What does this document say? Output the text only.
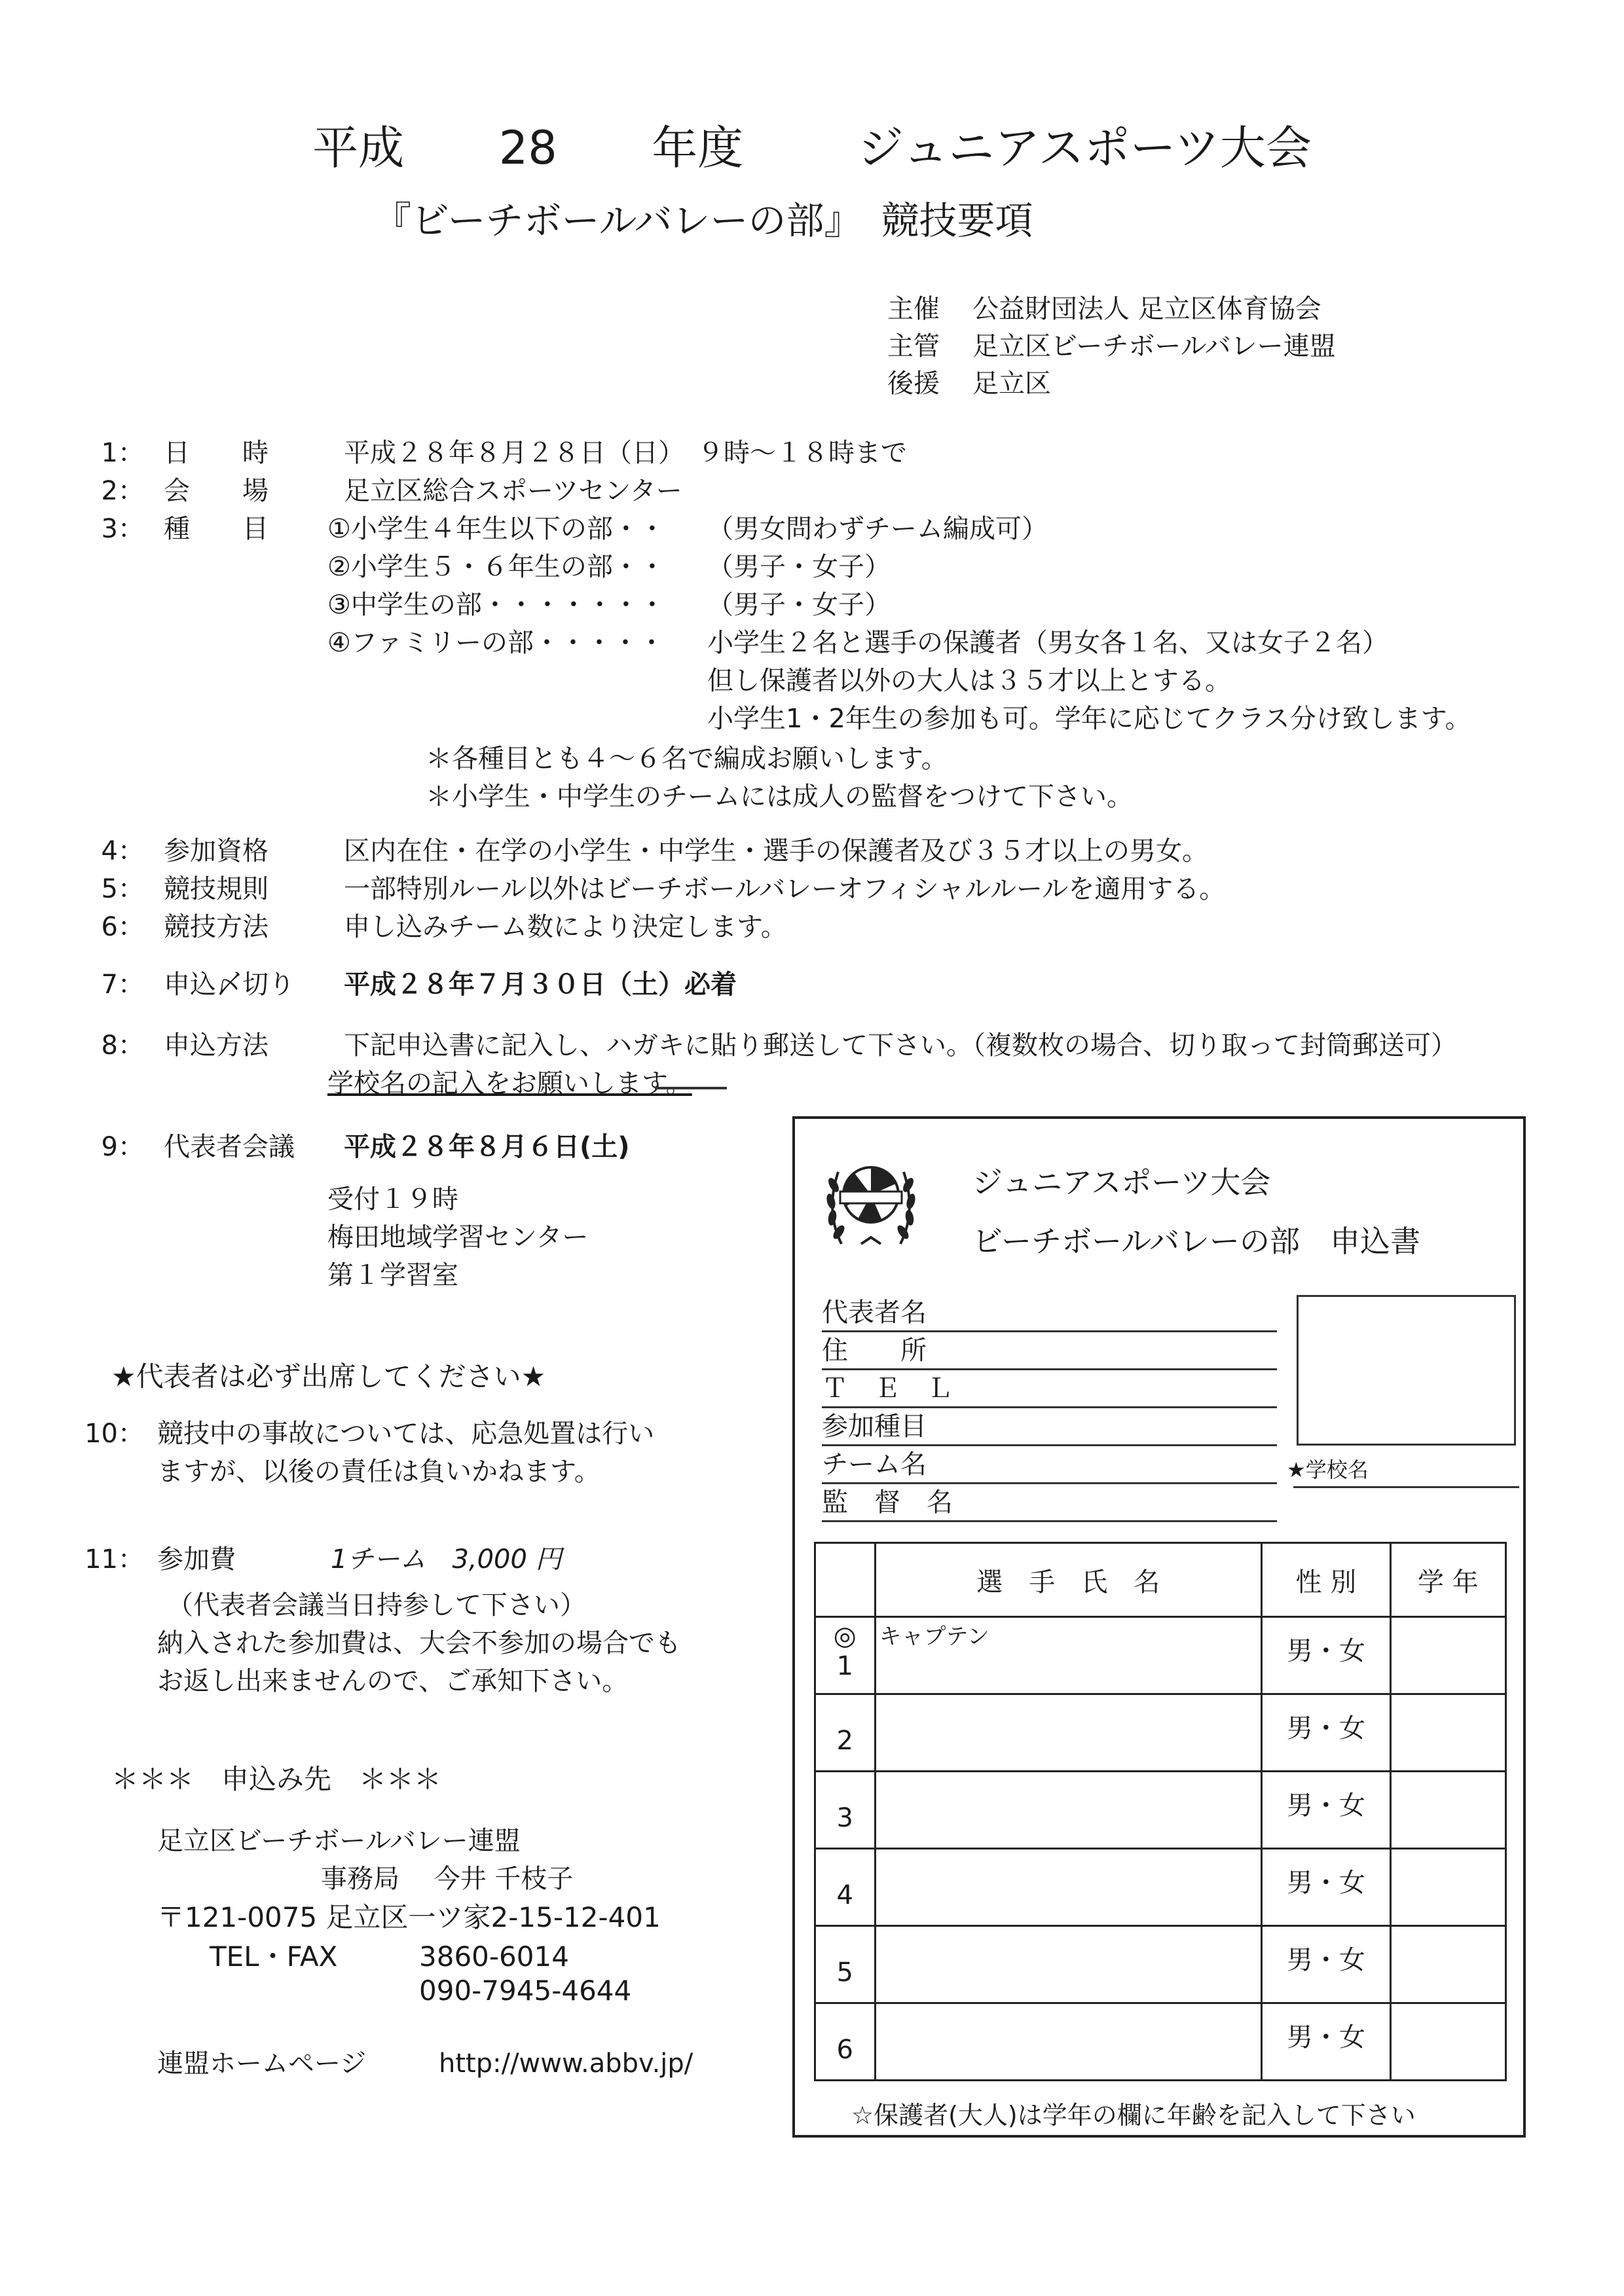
平成 28 年度 ジュニアスポーツ大会
『ビーチボールバレーの部』　競技要項
主催 公益財団法人 足立区体育協会
主管 足立区ビーチボールバレー連盟
後援 足立区
1： 日　　時	平成２８年８月２８日（日）　９時～１８時まで
2： 会　　場	足立区総合スポーツセンター
3： 種　　目	①小学生４年生以下の部・・ （男女問わずチーム編成可）
②小学生５・６年生の部・・ （男子・女子）
③中学生の部・・・・・・・ （男子・女子）
④ファミリーの部・・・・・ 小学生２名と選手の保護者（男女各１名、又は女子２名）
但し保護者以外の大人は３５才以上とする。
小学生1・2年生の参加も可。学年に応じてクラス分け致します。
＊各種目とも４～６名で編成お願いします。
＊小学生・中学生のチームには成人の監督をつけて下さい。
4： 参加資格	区内在住・在学の小学生・中学生・選手の保護者及び３５才以上の男女。
5： 競技規則	一部特別ルール以外はビーチボールバレーオフィシャルルールを適用する。
6： 競技方法	申し込みチーム数により決定します。
7： 申込〆切り 平成２８年７月３０日（土）必着
8： 申込方法	下記申込書に記入し、ハガキに貼り郵送して下さい。（複数枚の場合、切り取って封筒郵送可）
学校名の記入をお願いします。
9： 代表者会議 平成２８年８月６日(土)
受付１９時
梅田地域学習センター
第１学習室
★代表者は必ず出席してください★
10： 競技中の事故については、応急処置は行い
ますが、以後の責任は負いかねます。
11： 参加費	1チーム　3,000 円
（代表者会議当日持参して下さい）
納入された参加費は、大会不参加の場合でも
お返し出来ませんので、ご承知下さい。
＊＊＊　申込み先　＊＊＊
足立区ビーチボールバレー連盟
事務局　 今井 千枝子
〒121-0075 足立区一ツ家2-15-12-401
TEL・FAX	3860-6014
090-7945-4644
連盟ホームページ	http://www.abbv.jp/
ジュニアスポーツ大会
ビーチボールバレーの部　申込書
代表者名
住　　所
Ｔ　Ｅ　Ｌ
参加種目
チーム名
監　督　名
★学校名
	選　手　氏　名	性 別	学 年

◎
1	キャプテン	男・女	

2		男・女	

3		男・女	

4		男・女	

5		男・女	

6		男・女	

☆保護者(大人)は学年の欄に年齢を記入して下さい
